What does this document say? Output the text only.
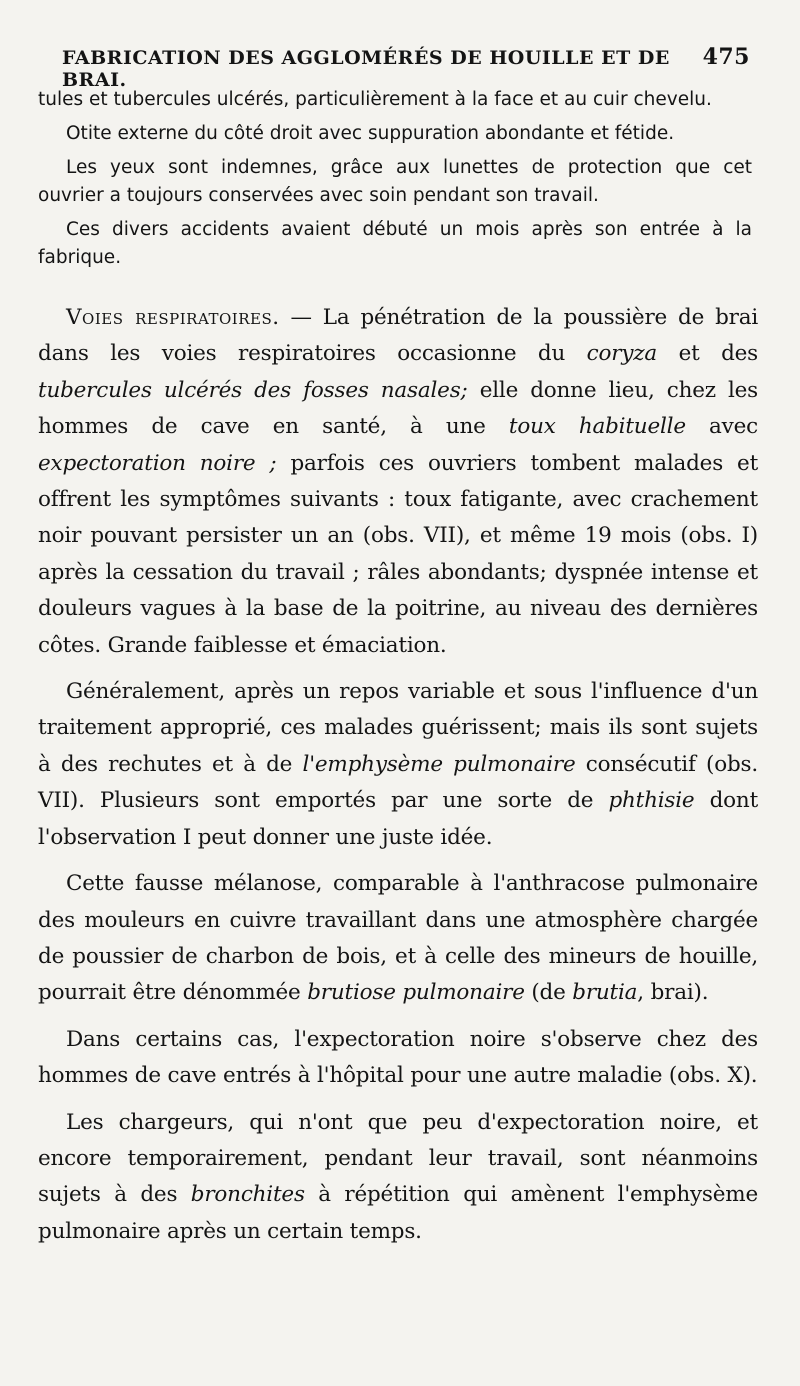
FABRICATION DES AGGLOMÉRÉS DE HOUILLE ET DE BRAI.
475

tules et tubercules ulcérés, particulièrement à la face et au cuir chevelu.

Otite externe du côté droit avec suppuration abondante et fétide.

Les yeux sont indemnes, grâce aux lunettes de protection que cet ouvrier a toujours conservées avec soin pendant son travail.

Ces divers accidents avaient débuté un mois après son entrée à la fabrique.

Voies respiratoires. — La pénétration de la poussière de brai dans les voies respiratoires occasionne du coryza et des tubercules ulcérés des fosses nasales; elle donne lieu, chez les hommes de cave en santé, à une toux habituelle avec expectoration noire ; parfois ces ouvriers tombent malades et offrent les symptômes suivants : toux fatigante, avec crachement noir pouvant persister un an (obs. VII), et même 19 mois (obs. I) après la cessation du travail ; râles abondants; dyspnée intense et douleurs vagues à la base de la poitrine, au niveau des dernières côtes. Grande faiblesse et émaciation.

Généralement, après un repos variable et sous l'influence d'un traitement approprié, ces malades guérissent; mais ils sont sujets à des rechutes et à de l'emphysème pulmonaire consécutif (obs. VII). Plusieurs sont emportés par une sorte de phthisie dont l'observation I peut donner une juste idée.

Cette fausse mélanose, comparable à l'anthracose pulmonaire des mouleurs en cuivre travaillant dans une atmosphère chargée de poussier de charbon de bois, et à celle des mineurs de houille, pourrait être dénommée brutiose pulmonaire (de brutia, brai).

Dans certains cas, l'expectoration noire s'observe chez des hommes de cave entrés à l'hôpital pour une autre maladie (obs. X).

Les chargeurs, qui n'ont que peu d'expectoration noire, et encore temporairement, pendant leur travail, sont néanmoins sujets à des bronchites à répétition qui amènent l'emphysème pulmonaire après un certain temps.
